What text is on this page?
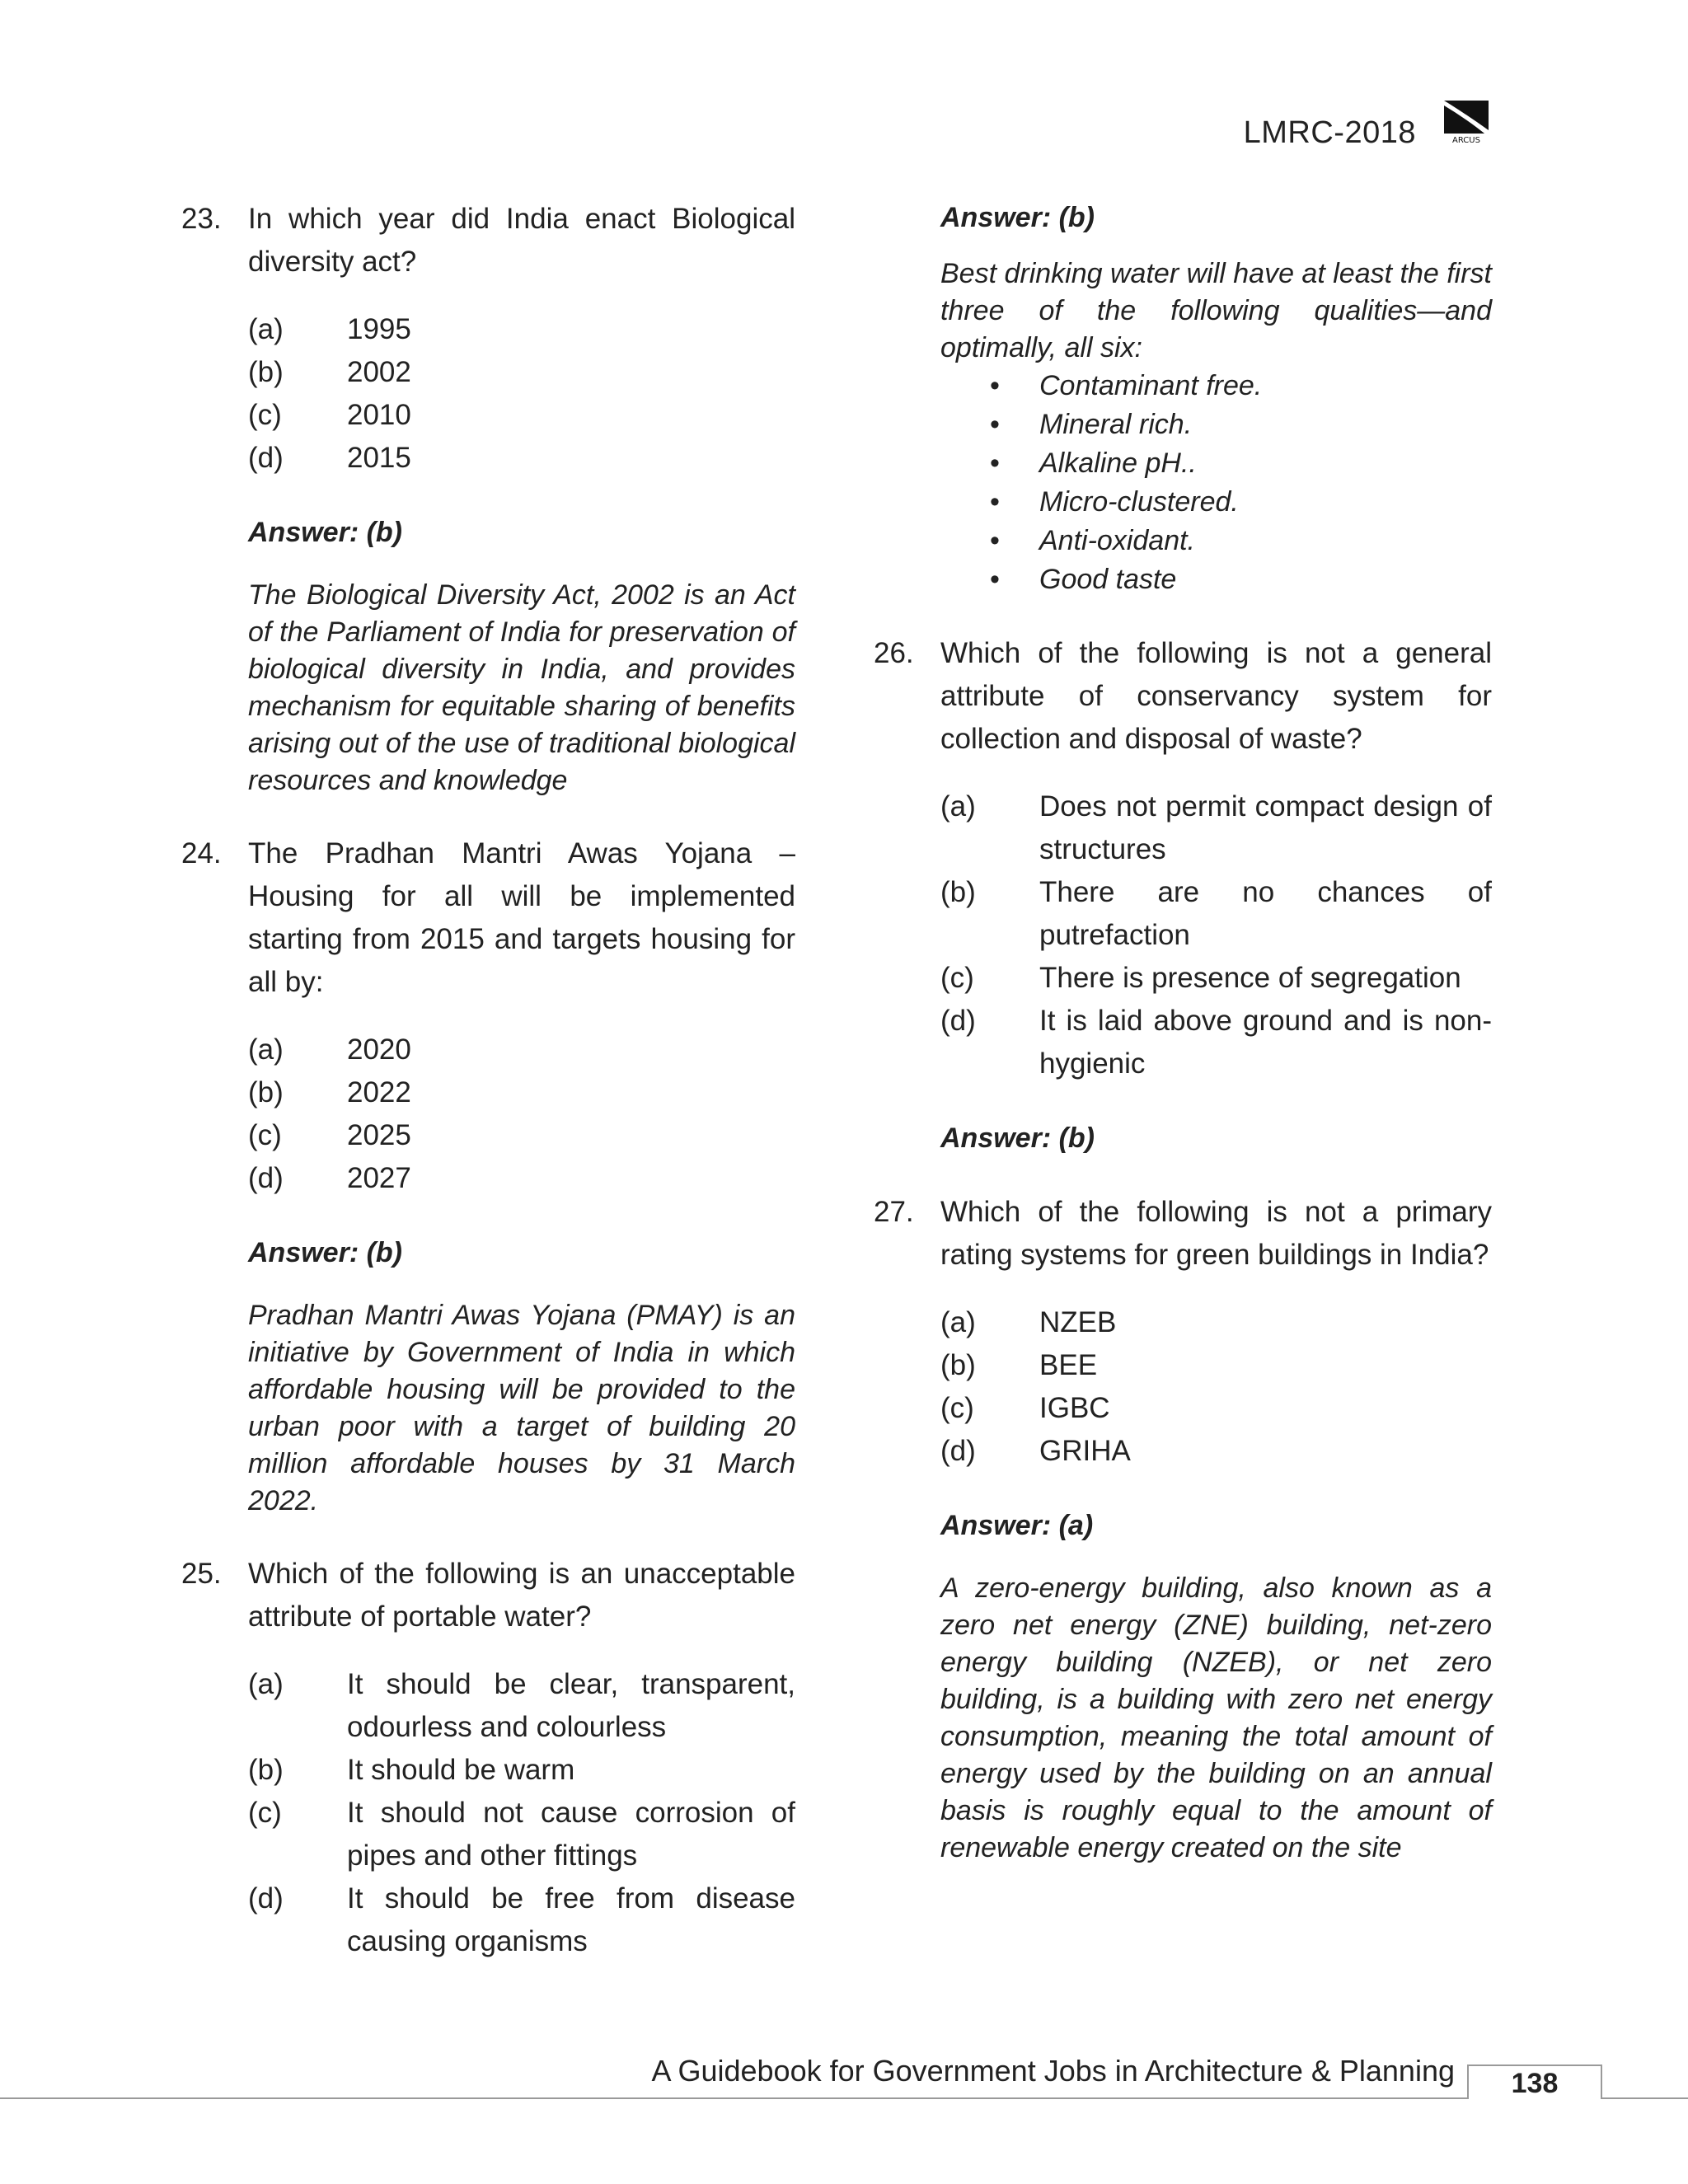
LMRC-2018	ARCUS
23. In which year did India enact Biological diversity act?
(a)	1995
(b)	2002
(c)	2010
(d)	2015
Answer: (b)
The Biological Diversity Act, 2002 is an Act of the Parliament of India for preservation of biological diversity in India, and provides mechanism for equitable sharing of benefits arising out of the use of traditional biological resources and knowledge
24. The Pradhan Mantri Awas Yojana – Housing for all will be implemented starting from 2015 and targets housing for all by:
(a)	2020
(b)	2022
(c)	2025
(d)	2027
Answer: (b)
Pradhan Mantri Awas Yojana (PMAY) is an initiative by Government of India in which affordable housing will be provided to the urban poor with a target of building 20 million affordable houses by 31 March 2022.
25. Which of the following is an unacceptable attribute of portable water?
(a)	It should be clear, transparent, odourless and colourless
(b)	It should be warm
(c)	It should not cause corrosion of pipes and other fittings
(d)	It should be free from disease causing organisms
Answer: (b)
Best drinking water will have at least the first three of the following qualities—and optimally, all six:
• Contaminant free.
• Mineral rich.
• Alkaline pH..
• Micro-clustered.
• Anti-oxidant.
• Good taste
26. Which of the following is not a general attribute of conservancy system for collection and disposal of waste?
(a)	Does not permit compact design of structures
(b)	There are no chances of putrefaction
(c)	There is presence of segregation
(d)	It is laid above ground and is non-hygienic
Answer: (b)
27. Which of the following is not a primary rating systems for green buildings in India?
(a)	NZEB
(b)	BEE
(c)	IGBC
(d)	GRIHA
Answer: (a)
A zero-energy building, also known as a zero net energy (ZNE) building, net-zero energy building (NZEB), or net zero building, is a building with zero net energy consumption, meaning the total amount of energy used by the building on an annual basis is roughly equal to the amount of renewable energy created on the site
A Guidebook for Government Jobs in Architecture & Planning 138
